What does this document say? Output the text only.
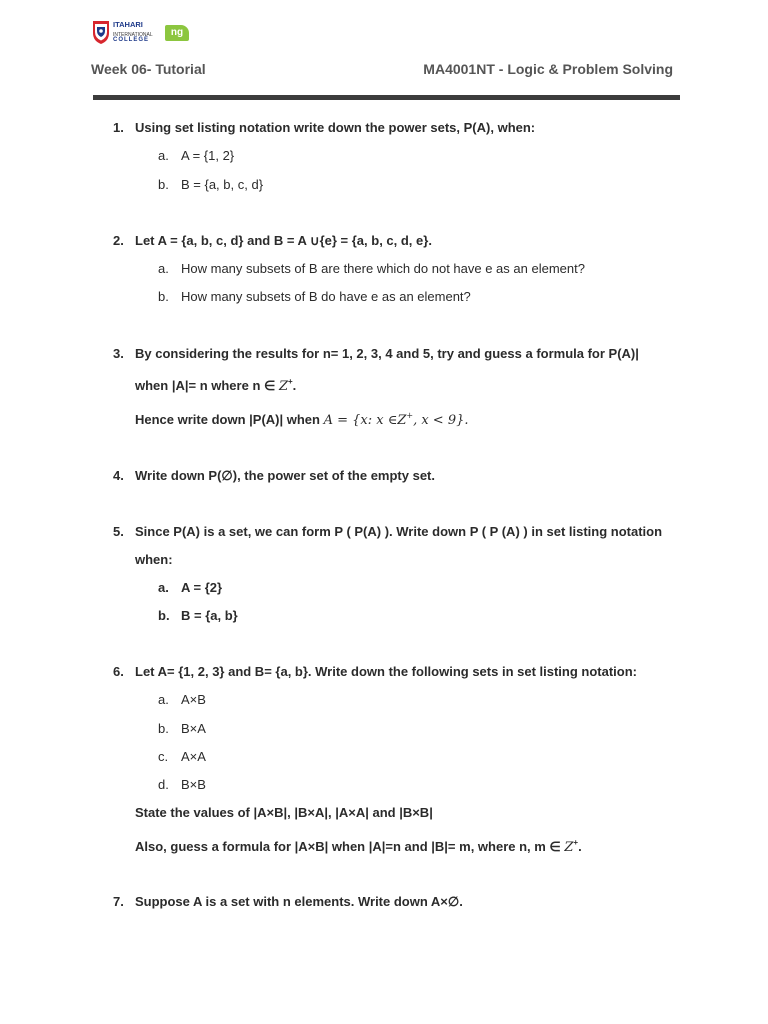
ITAHARI
INTERNATIONAL
COLLEGE
ng
Week 06- Tutorial	MA4001NT - Logic & Problem Solving
1. Using set listing notation write down the power sets, P(A), when:
a. A = {1, 2}
b. B = {a, b, c, d}
2. Let A = {a, b, c, d} and B = A ∪{e} = {a, b, c, d, e}.
a. How many subsets of B are there which do not have e as an element?
b. How many subsets of B do have e as an element?
3. By considering the results for n= 1, 2, 3, 4 and 5, try and guess a formula for P(A)|
when |A|= n where n ∈ Z+.
Hence write down |P(A)| when A = {x: x ∈Z+, x < 9}.
4. Write down P(∅), the power set of the empty set.
5. Since P(A) is a set, we can form P ( P(A) ). Write down P ( P (A) ) in set listing notation
when:
a. A = {2}
b. B = {a, b}
6. Let A= {1, 2, 3} and B= {a, b}. Write down the following sets in set listing notation:
a. A×B
b. B×A
c. A×A
d. B×B
State the values of |A×B|, |B×A|, |A×A| and |B×B|
Also, guess a formula for |A×B| when |A|=n and |B|= m, where n, m ∈ Z+.
7. Suppose A is a set with n elements. Write down A×∅.
